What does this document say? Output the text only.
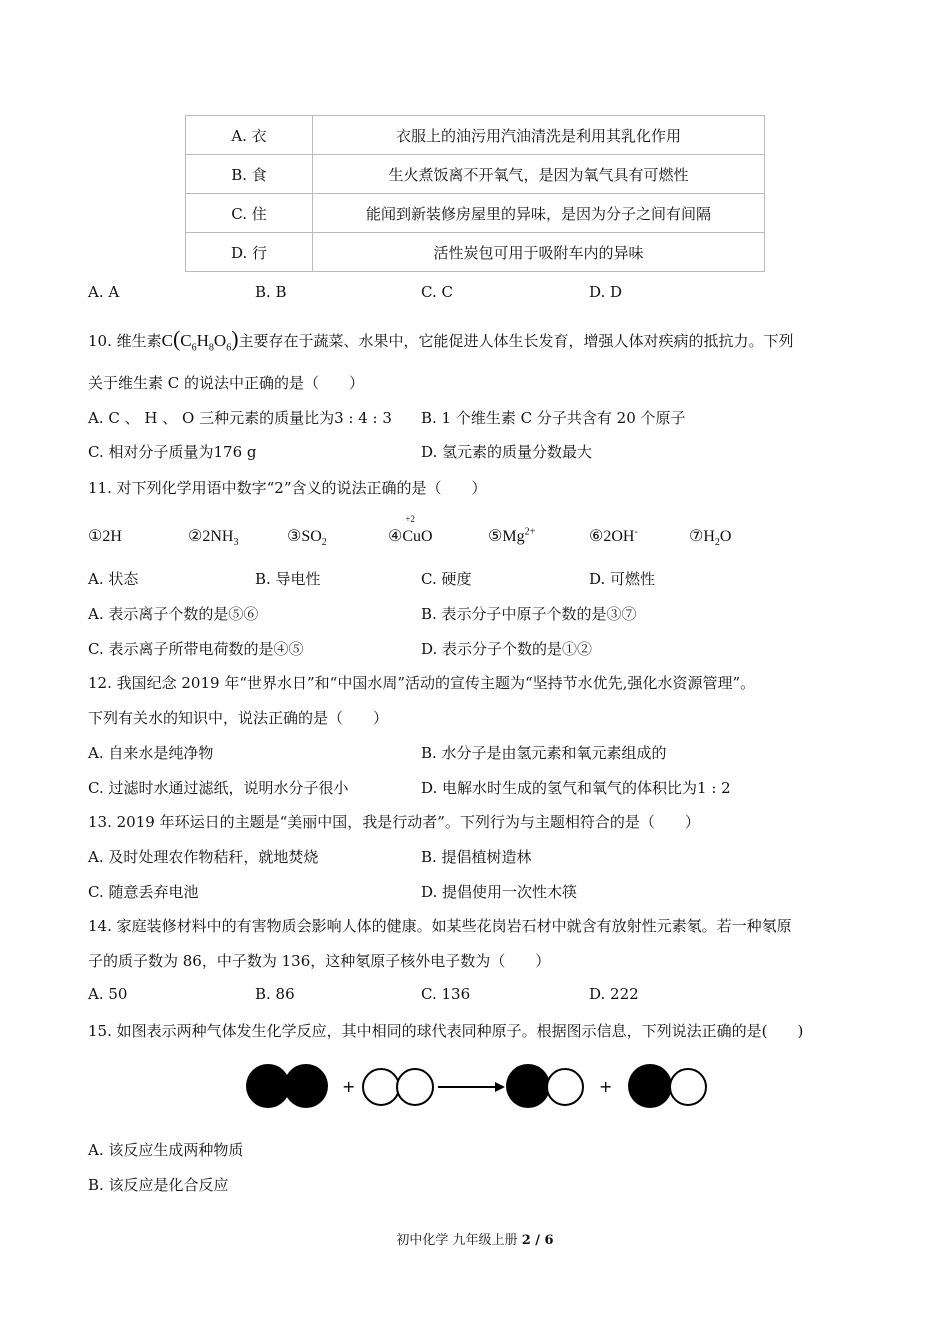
A. 衣	衣服上的油污用汽油清洗是利用其乳化作用
B. 食	生火煮饭离不开氧气，是因为氧气具有可燃性
C. 住	能闻到新装修房屋里的异味，是因为分子之间有间隔
D. 行	活性炭包可用于吸附车内的异味
A. A	B. B	C. C	D. D
10. 维生素$C(C_6H_8O_6)$主要存在于蔬菜、水果中，它能促进人体生长发育，增强人体对疾病的抵抗力。下列
关于维生素 C 的说法中正确的是（　　）
A. C 、 H 、 O 三种元素的质量比为3 : 4 : 3 B. 1 个维生素 C 分子共含有 20 个原子
C. 相对分子质量为176 g	D. 氢元素的质量分数最大
11. 对下列化学用语中数字“2”含义的说法正确的是（　　）
①2H	$②2NH_3$	$③SO_2$	④
+2
CuO	$⑤Mg^{2+}$	⑥2OH-	$⑦H_2O$
A. 状态	B. 导电性	C. 硬度	D. 可燃性
A. 表示离子个数的是⑤⑥	B. 表示分子中原子个数的是③⑦
C. 表示离子所带电荷数的是④⑤	D. 表示分子个数的是①②
12. 我国纪念 2019 年“世界水日”和“中国水周”活动的宣传主题为“坚持节水优先,强化水资源管理”。
下列有关水的知识中，说法正确的是（　　）
A. 自来水是纯净物	B. 水分子是由氢元素和氧元素组成的
C. 过滤时水通过滤纸，说明水分子很小	D. 电解水时生成的氢气和氧气的体积比为1 : 2
13. 2019 年环运日的主题是“美丽中国，我是行动者”。下列行为与主题相符合的是（　　）
A. 及时处理农作物秸秆，就地焚烧	B. 提倡植树造林
C. 随意丢弃电池	D. 提倡使用一次性木筷
14. 家庭装修材料中的有害物质会影响人体的健康。如某些花岗岩石材中就含有放射性元素氡。若一种氡原
子的质子数为 86，中子数为 136，这种氡原子核外电子数为（　　）
A. 50	B. 86	C. 136	D. 222
15. 如图表示两种气体发生化学反应，其中相同的球代表同种原子。根据图示信息，下列说法正确的是(　　)
+	+
A. 该反应生成两种物质
B. 该反应是化合反应
初中化学 九年级上册 2 / 6
